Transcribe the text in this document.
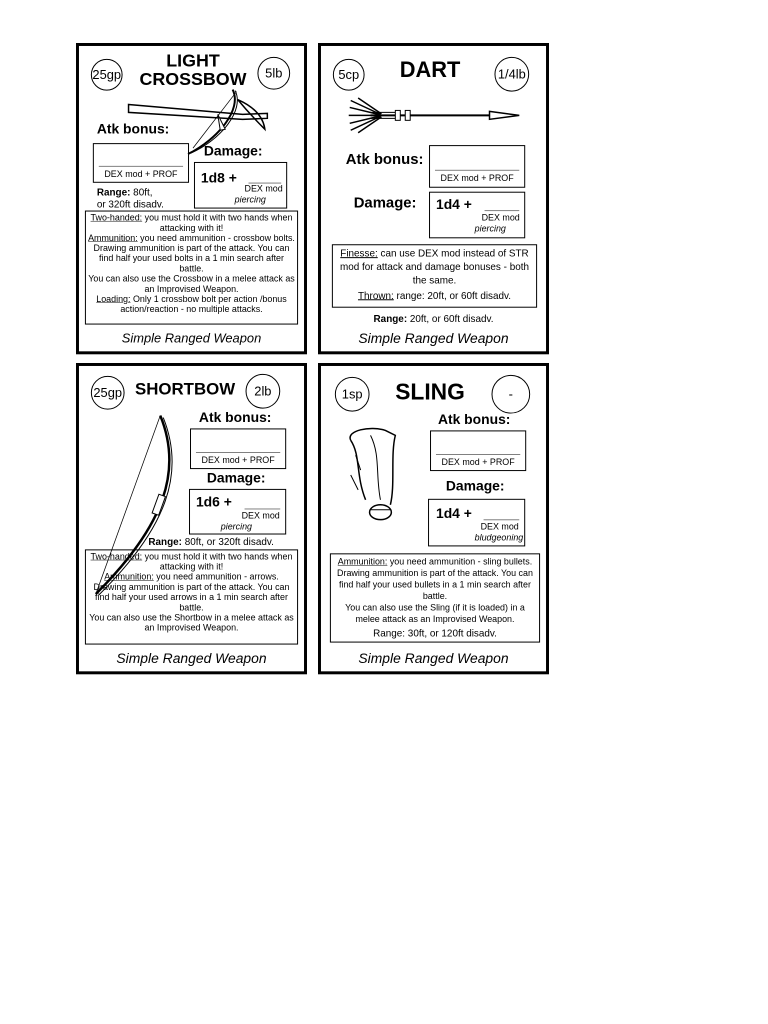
25gp	5lb
LIGHT
CROSSBOW
Atk bonus:
DEX mod + PROF
Damage:
1d8 +
DEX mod
piercing
Range: 80ft,
or 320ft disadv.

Two-handed: you must hold it with two hands when attacking with it!

Ammunition: you need ammunition - crossbow bolts. Drawing ammunition is part of the attack. You can find half your used bolts in a 1 min search after battle.

You can also use the Crossbow in a melee attack as an Improvised Weapon.

Loading: Only 1 crossbow bolt per action /bonus action/reaction - no multiple attacks.

Simple Ranged Weapon
5cp	1/4lb
DART
Atk bonus:
DEX mod + PROF
Damage: 1d4 +
DEX mod
piercing

Finesse: can use DEX mod instead of STR mod for attack and damage bonuses - both the same.

Thrown: range: 20ft, or 60ft disadv.

Range: 20ft, or 60ft disadv.
Simple Ranged Weapon
25gp	2lb
SHORTBOW
Atk bonus:
DEX mod + PROF
Damage:
1d6 +
DEX mod
piercing
Range: 80ft, or 320ft disadv.

Two-handed: you must hold it with two hands when attacking with it!

Ammunition: you need ammunition - arrows. Drawing ammunition is part of the attack. You can find half your used arrows in a 1 min search after battle.

You can also use the Shortbow in a melee attack as an Improvised Weapon.

Simple Ranged Weapon
1sp	-
SLING
Atk bonus:
DEX mod + PROF
Damage:
1d4 +
DEX mod
bludgeoning

Ammunition: you need ammunition - sling bullets. Drawing ammunition is part of the attack. You can find half your used bullets in a 1 min search after battle.

You can also use the Sling (if it is loaded) in a melee attack as an Improvised Weapon.

Range: 30ft, or 120ft disadv.

Simple Ranged Weapon
